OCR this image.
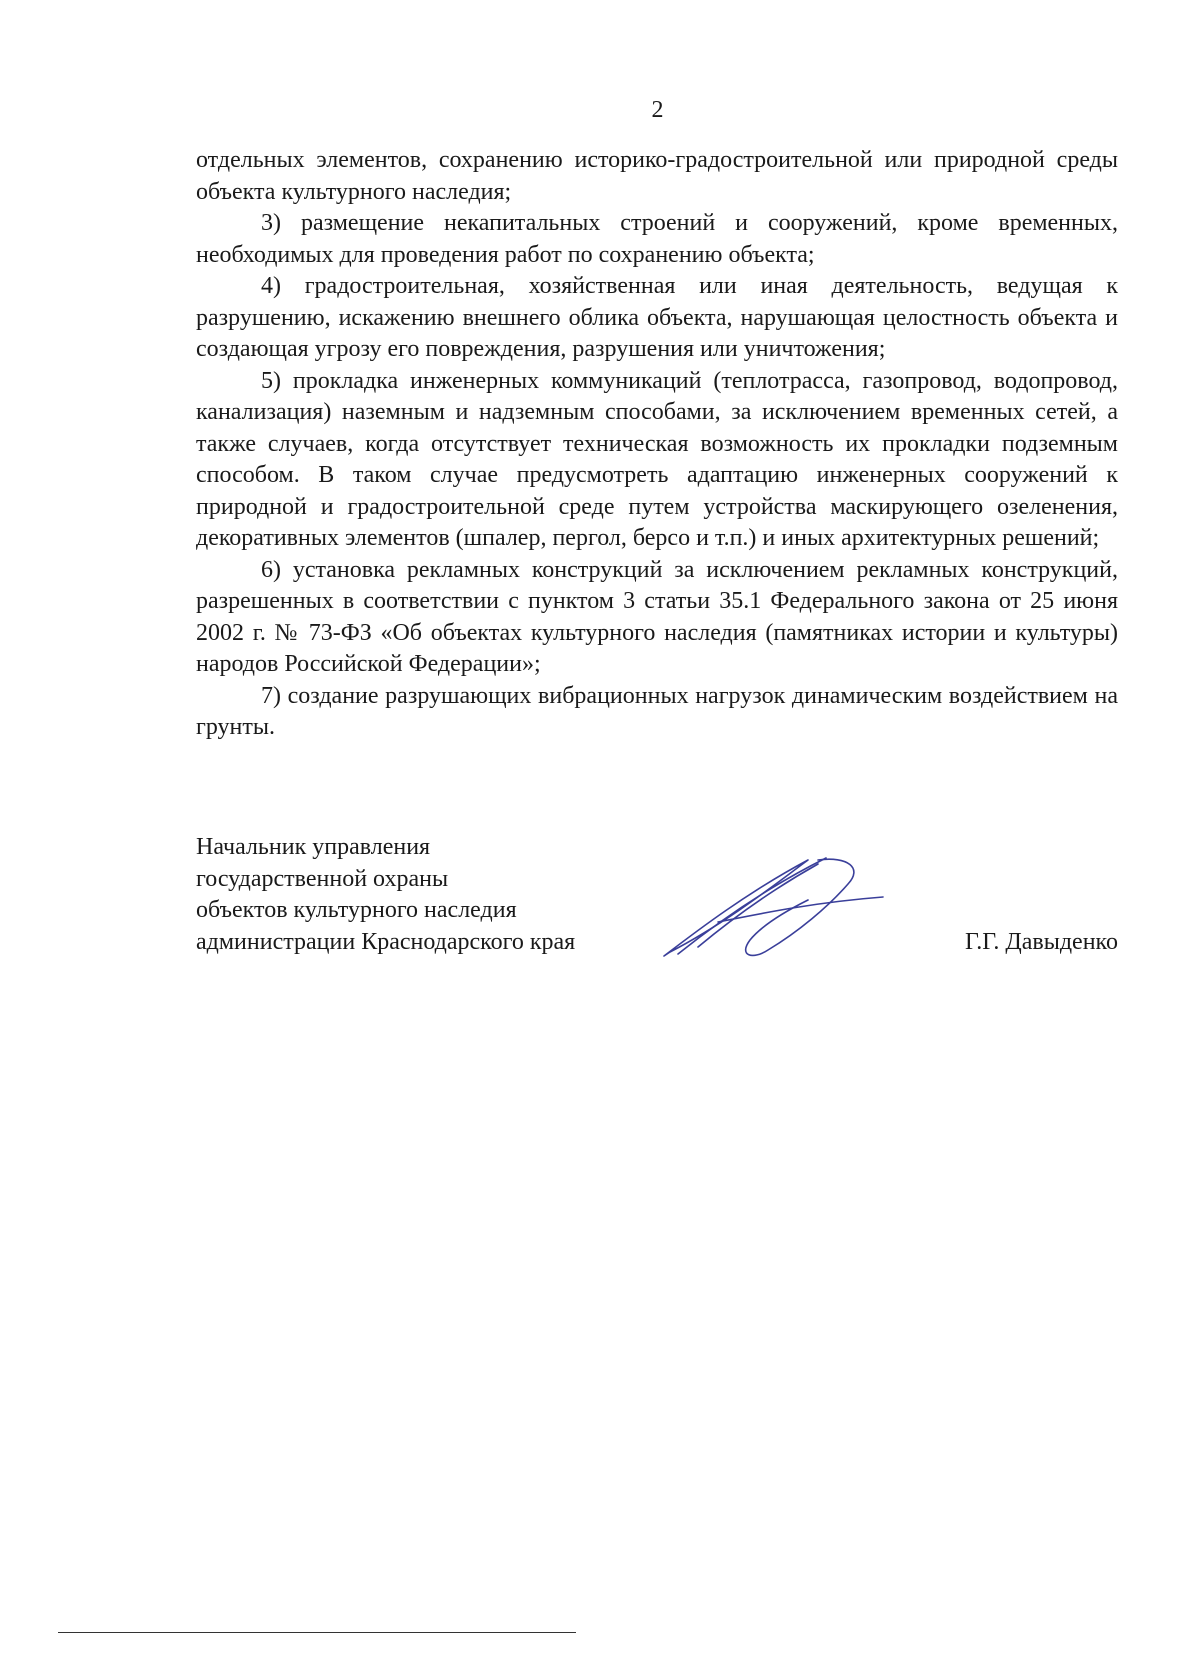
2

отдельных элементов, сохранению историко-градостроительной или природной среды объекта культурного наследия;

3) размещение некапитальных строений и сооружений, кроме временных, необходимых для проведения работ по сохранению объекта;

4) градостроительная, хозяйственная или иная деятельность, ведущая к разрушению, искажению внешнего облика объекта, нарушающая целостность объекта и создающая угрозу его повреждения, разрушения или уничтожения;

5) прокладка инженерных коммуникаций (теплотрасса, газопровод, водопровод, канализация) наземным и надземным способами, за исключением временных сетей, а также случаев, когда отсутствует техническая возможность их прокладки подземным способом. В таком случае предусмотреть адаптацию инженерных сооружений к природной и градостроительной среде путем устройства маскирующего озеленения, декоративных элементов (шпалер, пергол, берсо и т.п.) и иных архитектурных решений;

6) установка рекламных конструкций за исключением рекламных конструкций, разрешенных в соответствии с пунктом 3 статьи 35.1 Федерального закона от 25 июня 2002 г. № 73-ФЗ «Об объектах культурного наследия (памятниках истории и культуры) народов Российской Федерации»;

7) создание разрушающих вибрационных нагрузок динамическим воздействием на грунты.

Начальник управления
государственной охраны
объектов культурного наследия
администрации Краснодарского края	Г.Г. Давыденко
